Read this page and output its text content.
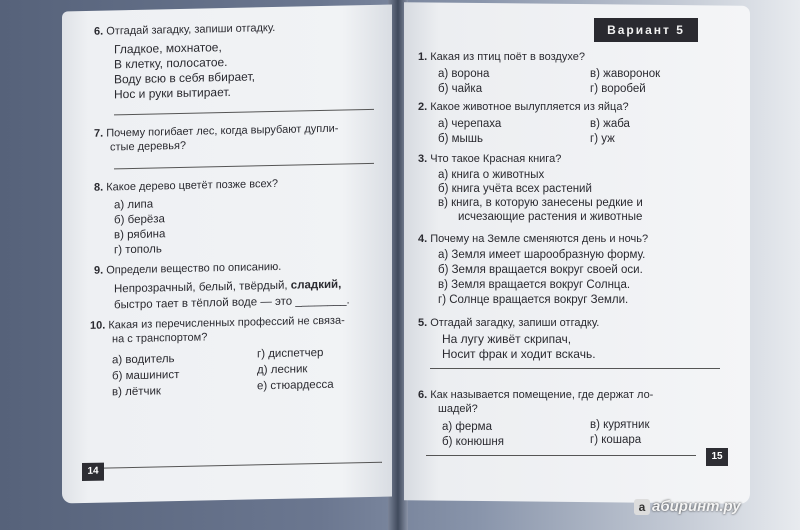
6. Отгадай загадку, запиши отгадку.
Гладкое, мохнатое,
В клетку, полосатое.
Воду всю в себя вбирает,
Нос и руки вытирает.
7. Почему погибает лес, когда вырубают дупли-
стые деревья?
8. Какое дерево цветёт позже всех?
а) липа
б) берёза
в) рябина
г) тополь
9. Определи вещество по описанию.
Непрозрачный, белый, твёрдый, сладкий,
быстро тает в тёплой воде — это ________.
10. Какая из перечисленных профессий не связа-
на с транспортом?
а) водитель
б) машинист
в) лётчик
г) диспетчер
д) лесник
е) стюардесса
14
Вариант 5
1. Какая из птиц поёт в воздухе?
а) ворона
б) чайка
в) жаворонок
г) воробей
2. Какое животное вылупляется из яйца?
а) черепаха
б) мышь
в) жаба
г) уж
3. Что такое Красная книга?
а) книга о животных
б) книга учёта всех растений
в) книга, в которую занесены редкие и
исчезающие растения и животные
4. Почему на Земле сменяются день и ночь?
а) Земля имеет шарообразную форму.
б) Земля вращается вокруг своей оси.
в) Земля вращается вокруг Солнца.
г) Солнце вращается вокруг Земли.
5. Отгадай загадку, запиши отгадку.
На лугу живёт скрипач,
Носит фрак и ходит вскачь.
6. Как называется помещение, где держат ло-
шадей?
а) ферма
б) конюшня
в) курятник
г) кошара
15
a абиринт.ру
